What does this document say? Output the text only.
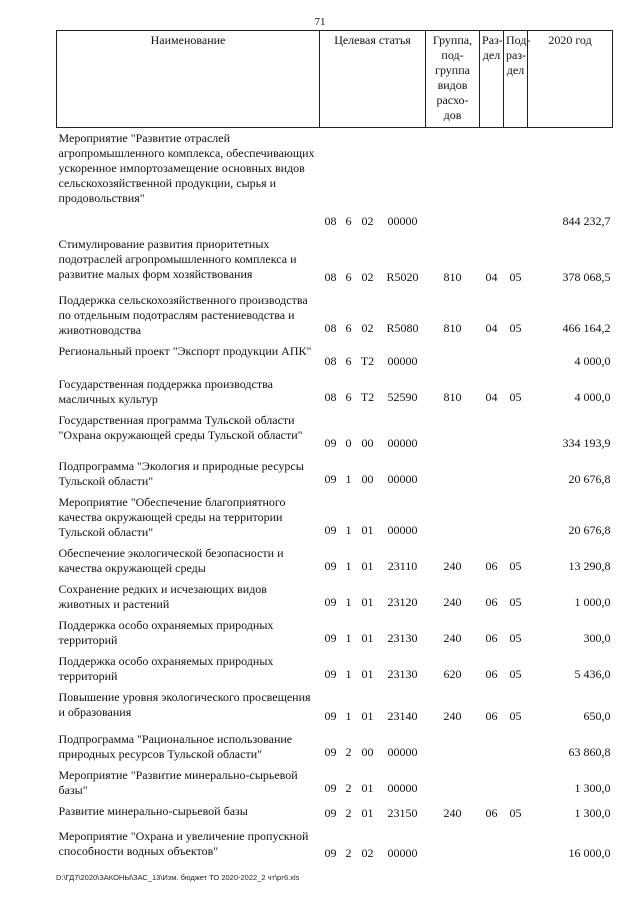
71
Наименование	Целевая статья				Группа, под-группа видов расхо-дов	Раз-дел	Под-раз-дел	2020 год
Мероприятие "Развитие отраслей агропромышленного комплекса, обеспечивающих ускоренное импортозамещение основных видов сельскохозяйственной продукции, сырья и продовольствия"	08	6	02	00000				844 232,7
Стимулирование развития приоритетных подотраслей агропромышленного комплекса и развитие малых форм хозяйствования	08	6	02	R5020	810	04	05	378 068,5
Поддержка сельскохозяйственного производства по отдельным подотраслям растениеводства и животноводства	08	6	02	R5080	810	04	05	466 164,2
Региональный проект "Экспорт продукции АПК"	08	6	T2	00000				4 000,0
Государственная поддержка производства масличных культур	08	6	T2	52590	810	04	05	4 000,0
Государственная программа Тульской области "Охрана окружающей среды Тульской области"	09	0	00	00000				334 193,9
Подпрограмма "Экология и природные ресурсы Тульской области"	09	1	00	00000				20 676,8
Мероприятие "Обеспечение благоприятного качества окружающей среды на территории Тульской области"	09	1	01	00000				20 676,8
Обеспечение экологической безопасности и качества окружающей среды	09	1	01	23110	240	06	05	13 290,8
Сохранение редких и исчезающих видов животных и растений	09	1	01	23120	240	06	05	1 000,0
Поддержка особо охраняемых природных территорий	09	1	01	23130	240	06	05	300,0
Поддержка особо охраняемых природных территорий	09	1	01	23130	620	06	05	5 436,0
Повышение уровня экологического просвещения и образования	09	1	01	23140	240	06	05	650,0
Подпрограмма "Рациональное использование природных ресурсов Тульской области"	09	2	00	00000				63 860,8
Мероприятие "Развитие минерально-сырьевой базы"	09	2	01	00000				1 300,0
Развитие минерально-сырьевой базы	09	2	01	23150	240	06	05	1 300,0
Мероприятие "Охрана и увеличение пропускной способности водных объектов"	09	2	02	00000				16 000,0
D:\ГД7\2020\ЗАКОНЫ\ЗАС_13\Изм. бюджет ТО 2020-2022_2 чт\рг6.xls
